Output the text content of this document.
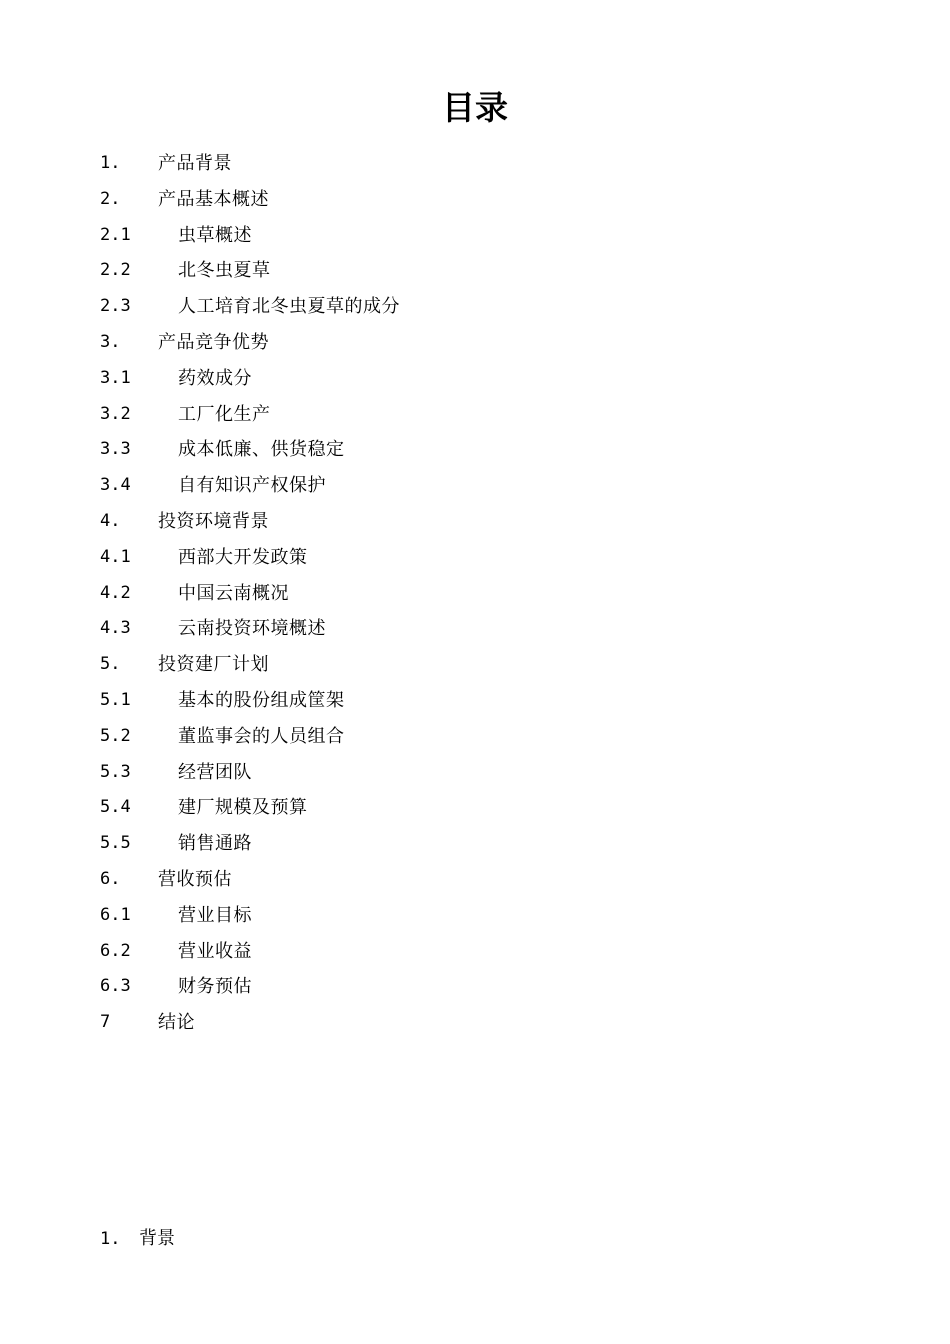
目录
1. 产品背景
2. 产品基本概述
2.1	虫草概述
2.2	北冬虫夏草
2.3	人工培育北冬虫夏草的成分
3. 产品竞争优势
3.1	药效成分
3.2	工厂化生产
3.3	成本低廉、供货稳定
3.4	自有知识产权保护
4. 投资环境背景
4.1	西部大开发政策
4.2	中国云南概况
4.3	云南投资环境概述
5. 投资建厂计划
5.1	基本的股份组成筐架
5.2	董监事会的人员组合
5.3	经营团队
5.4	建厂规模及预算
5.5	销售通路
6. 营收预估
6.1	营业目标
6.2	营业收益
6.3	财务预估
7	结论
1. 背景
